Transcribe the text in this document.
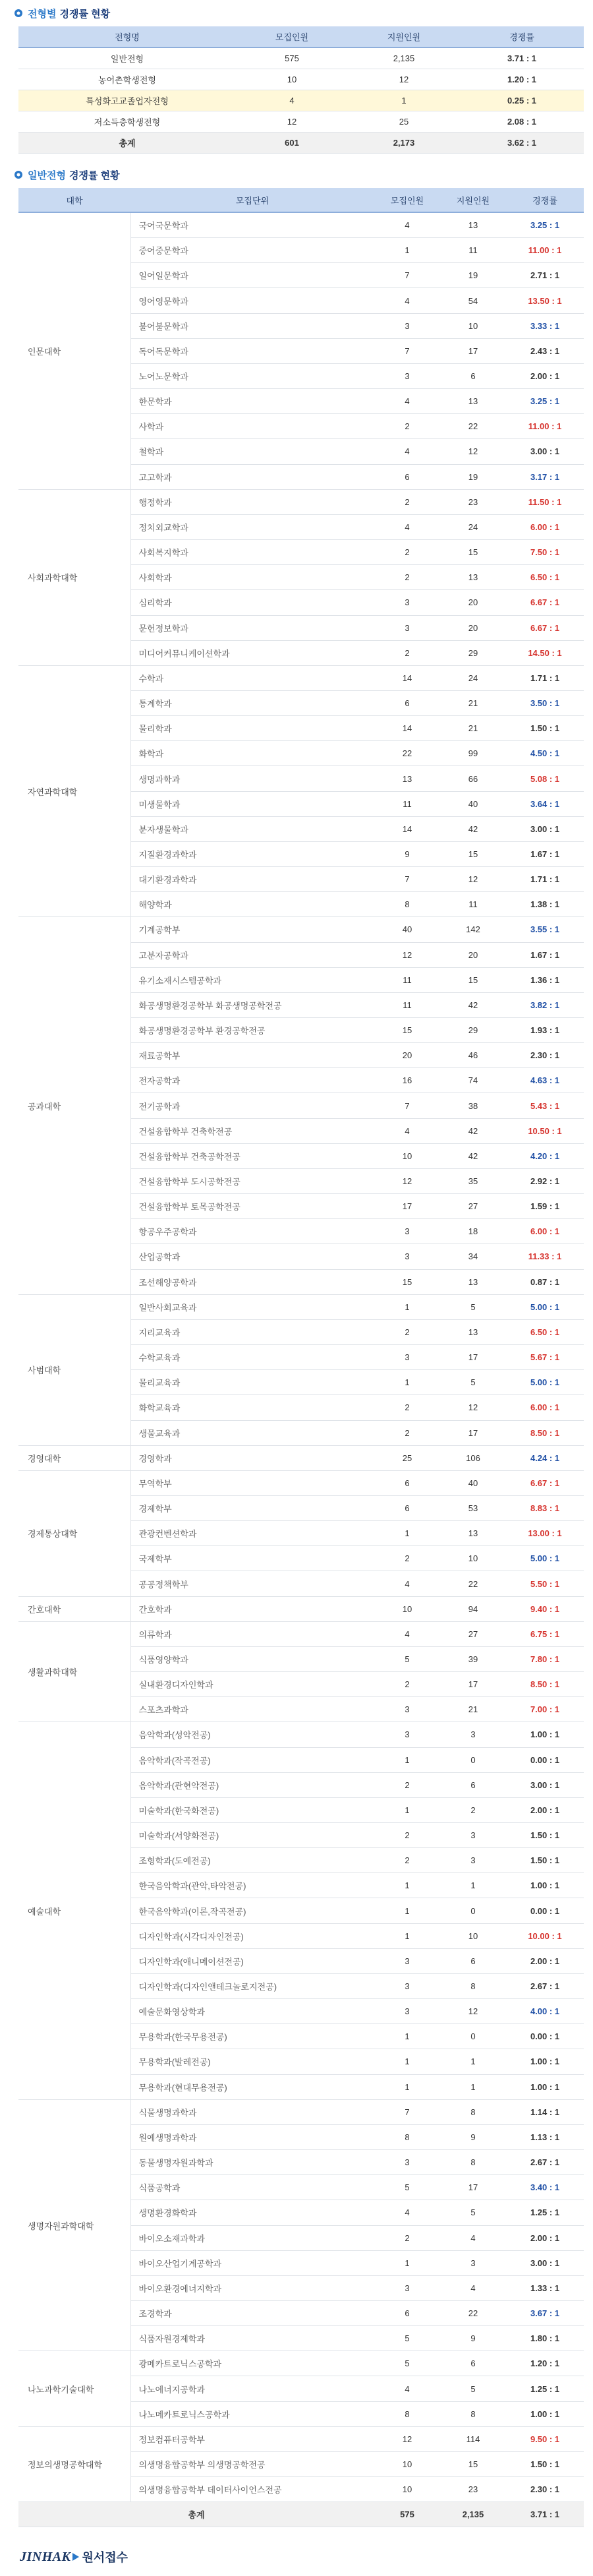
전형별 경쟁률 현황
전형명	모집인원	지원인원	경쟁률
일반전형	575	2,135	3.71 : 1
농어촌학생전형	10	12	1.20 : 1
특성화고교졸업자전형	4	1	0.25 : 1
저소득층학생전형	12	25	2.08 : 1
총계	601	2,173	3.62 : 1
일반전형 경쟁률 현황
대학	모집단위	모집인원	지원인원	경쟁률
인문대학	국어국문학과	4	13	3.25 : 1
	중어중문학과	1	11	11.00 : 1
	일어일문학과	7	19	2.71 : 1
	영어영문학과	4	54	13.50 : 1
	불어불문학과	3	10	3.33 : 1
	독어독문학과	7	17	2.43 : 1
	노어노문학과	3	6	2.00 : 1
	한문학과	4	13	3.25 : 1
	사학과	2	22	11.00 : 1
	철학과	4	12	3.00 : 1
	고고학과	6	19	3.17 : 1
사회과학대학	행정학과	2	23	11.50 : 1
	정치외교학과	4	24	6.00 : 1
	사회복지학과	2	15	7.50 : 1
	사회학과	2	13	6.50 : 1
	심리학과	3	20	6.67 : 1
	문헌정보학과	3	20	6.67 : 1
	미디어커뮤니케이션학과	2	29	14.50 : 1
자연과학대학	수학과	14	24	1.71 : 1
	통계학과	6	21	3.50 : 1
	물리학과	14	21	1.50 : 1
	화학과	22	99	4.50 : 1
	생명과학과	13	66	5.08 : 1
	미생물학과	11	40	3.64 : 1
	분자생물학과	14	42	3.00 : 1
	지질환경과학과	9	15	1.67 : 1
	대기환경과학과	7	12	1.71 : 1
	해양학과	8	11	1.38 : 1
공과대학	기계공학부	40	142	3.55 : 1
	고분자공학과	12	20	1.67 : 1
	유기소재시스템공학과	11	15	1.36 : 1
	화공생명환경공학부 화공생명공학전공	11	42	3.82 : 1
	화공생명환경공학부 환경공학전공	15	29	1.93 : 1
	재료공학부	20	46	2.30 : 1
	전자공학과	16	74	4.63 : 1
	전기공학과	7	38	5.43 : 1
	건설융합학부 건축학전공	4	42	10.50 : 1
	건설융합학부 건축공학전공	10	42	4.20 : 1
	건설융합학부 도시공학전공	12	35	2.92 : 1
	건설융합학부 토목공학전공	17	27	1.59 : 1
	항공우주공학과	3	18	6.00 : 1
	산업공학과	3	34	11.33 : 1
	조선해양공학과	15	13	0.87 : 1
사범대학	일반사회교육과	1	5	5.00 : 1
	지리교육과	2	13	6.50 : 1
	수학교육과	3	17	5.67 : 1
	물리교육과	1	5	5.00 : 1
	화학교육과	2	12	6.00 : 1
	생물교육과	2	17	8.50 : 1
경영대학	경영학과	25	106	4.24 : 1
경제통상대학	무역학부	6	40	6.67 : 1
	경제학부	6	53	8.83 : 1
	관광컨벤션학과	1	13	13.00 : 1
	국제학부	2	10	5.00 : 1
	공공정책학부	4	22	5.50 : 1
간호대학	간호학과	10	94	9.40 : 1
생활과학대학	의류학과	4	27	6.75 : 1
	식품영양학과	5	39	7.80 : 1
	실내환경디자인학과	2	17	8.50 : 1
	스포츠과학과	3	21	7.00 : 1
예술대학	음악학과(성악전공)	3	3	1.00 : 1
	음악학과(작곡전공)	1	0	0.00 : 1
	음악학과(관현악전공)	2	6	3.00 : 1
	미술학과(한국화전공)	1	2	2.00 : 1
	미술학과(서양화전공)	2	3	1.50 : 1
	조형학과(도예전공)	2	3	1.50 : 1
	한국음악학과(관악,타악전공)	1	1	1.00 : 1
	한국음악학과(이론,작곡전공)	1	0	0.00 : 1
	디자인학과(시각디자인전공)	1	10	10.00 : 1
	디자인학과(애니메이션전공)	3	6	2.00 : 1
	디자인학과(디자인앤테크놀로지전공)	3	8	2.67 : 1
	예술문화영상학과	3	12	4.00 : 1
	무용학과(한국무용전공)	1	0	0.00 : 1
	무용학과(발레전공)	1	1	1.00 : 1
	무용학과(현대무용전공)	1	1	1.00 : 1
생명자원과학대학	식물생명과학과	7	8	1.14 : 1
	원예생명과학과	8	9	1.13 : 1
	동물생명자원과학과	3	8	2.67 : 1
	식품공학과	5	17	3.40 : 1
	생명환경화학과	4	5	1.25 : 1
	바이오소재과학과	2	4	2.00 : 1
	바이오산업기계공학과	1	3	3.00 : 1
	바이오환경에너지학과	3	4	1.33 : 1
	조경학과	6	22	3.67 : 1
	식품자원경제학과	5	9	1.80 : 1
나노과학기술대학	광메카트로닉스공학과	5	6	1.20 : 1
	나노에너지공학과	4	5	1.25 : 1
	나노메카트로닉스공학과	8	8	1.00 : 1
정보의생명공학대학	정보컴퓨터공학부	12	114	9.50 : 1
	의생명융합공학부 의생명공학전공	10	15	1.50 : 1
	의생명융합공학부 데이터사이언스전공	10	23	2.30 : 1
총계		575	2,135	3.71 : 1
JINHAK 원서접수
